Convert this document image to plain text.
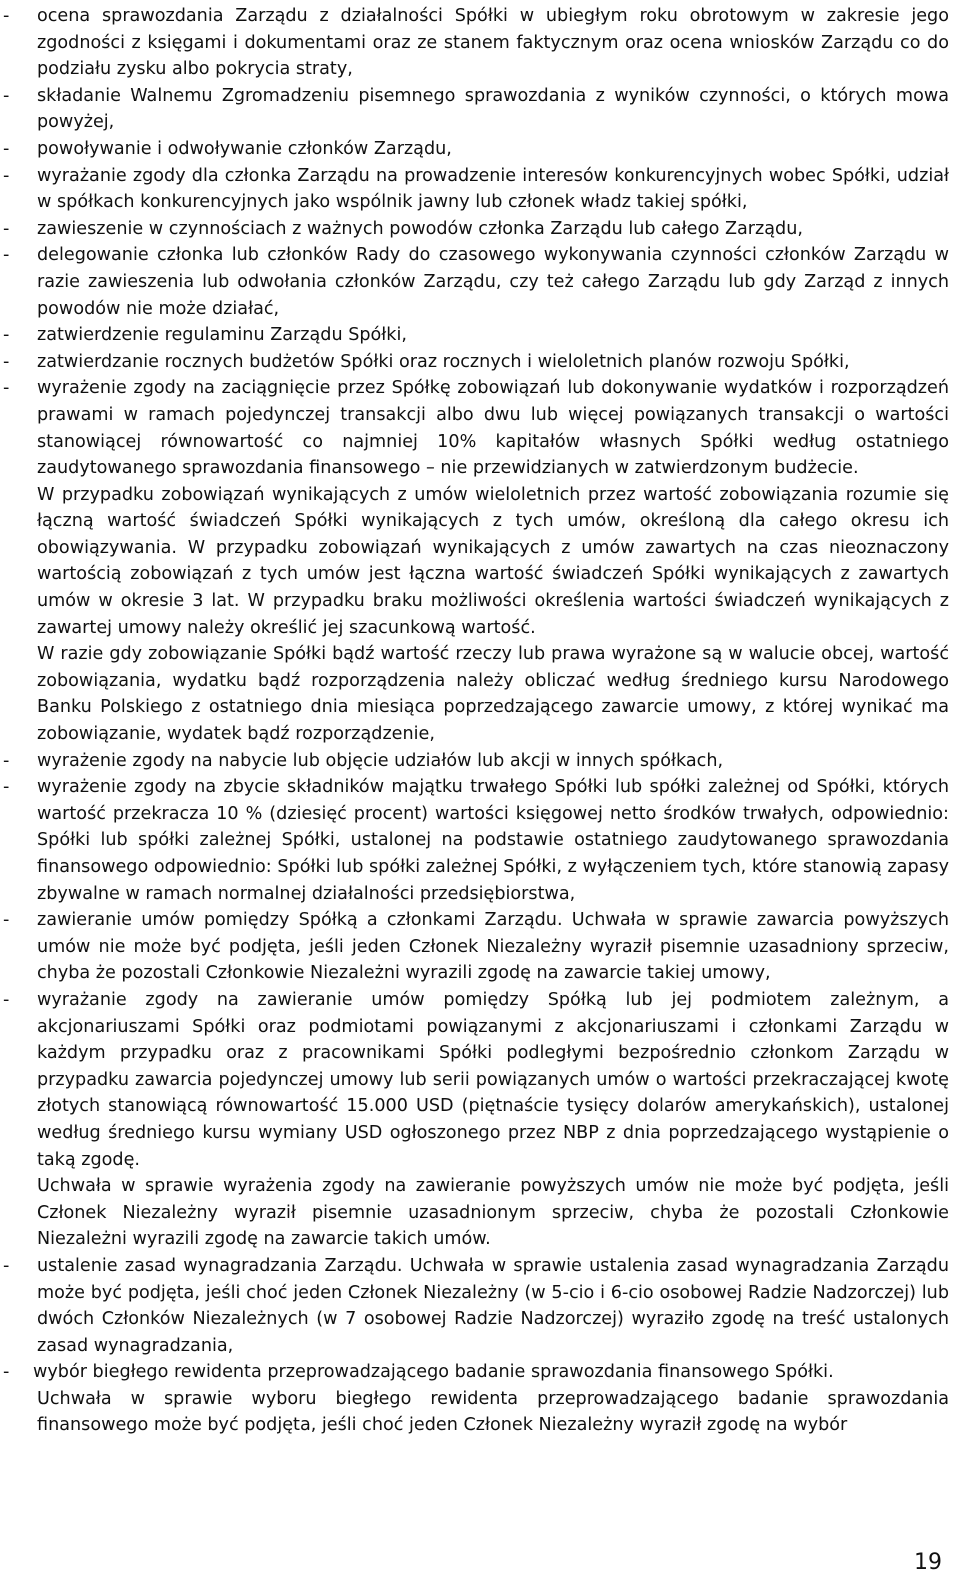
-	ocena sprawozdania Zarządu z działalności Spółki w ubiegłym roku obrotowym w zakresie jego zgodności z księgami i dokumentami oraz ze stanem faktycznym oraz ocena wniosków Zarządu co do podziału zysku albo pokrycia straty,
-	składanie Walnemu Zgromadzeniu pisemnego sprawozdania z wyników czynności, o których mowa powyżej,
-	powoływanie i odwoływanie członków Zarządu,
-	wyrażanie zgody dla członka Zarządu na prowadzenie interesów konkurencyjnych wobec Spółki, udział w spółkach konkurencyjnych jako wspólnik jawny lub członek władz takiej spółki,
-	zawieszenie w czynnościach z ważnych powodów członka Zarządu lub całego Zarządu,
-	delegowanie członka lub członków Rady do czasowego wykonywania czynności członków Zarządu w razie zawieszenia lub odwołania członków Zarządu, czy też całego Zarządu lub gdy Zarząd z innych powodów nie może działać,
-	zatwierdzenie regulaminu Zarządu Spółki,
-	zatwierdzanie rocznych budżetów Spółki oraz rocznych i wieloletnich planów rozwoju Spółki,
-	wyrażenie zgody na zaciągnięcie przez Spółkę zobowiązań lub dokonywanie wydatków i rozporządzeń prawami w ramach pojedynczej transakcji albo dwu lub więcej powiązanych transakcji o wartości stanowiącej równowartość co najmniej 10% kapitałów własnych Spółki według ostatniego zaudytowanego sprawozdania finansowego – nie przewidzianych w zatwierdzonym budżecie.
W przypadku zobowiązań wynikających z umów wieloletnich przez wartość zobowiązania rozumie się łączną wartość świadczeń Spółki wynikających z tych umów, określoną dla całego okresu ich obowiązywania. W przypadku zobowiązań wynikających z umów zawartych na czas nieoznaczony wartością zobowiązań z tych umów jest łączna wartość świadczeń Spółki wynikających z zawartych umów w okresie 3 lat. W przypadku braku możliwości określenia wartości świadczeń wynikających z zawartej umowy należy określić jej szacunkową wartość.
W razie gdy zobowiązanie Spółki bądź wartość rzeczy lub prawa wyrażone są w walucie obcej, wartość zobowiązania, wydatku bądź rozporządzenia należy obliczać według średniego kursu Narodowego Banku Polskiego z ostatniego dnia miesiąca poprzedzającego zawarcie umowy, z której wynikać ma zobowiązanie, wydatek bądź rozporządzenie,
-	wyrażenie zgody na nabycie lub objęcie udziałów lub akcji w innych spółkach,
-	wyrażenie zgody na zbycie składników majątku trwałego Spółki lub spółki zależnej od Spółki, których wartość przekracza 10 % (dziesięć procent) wartości księgowej netto środków trwałych, odpowiednio: Spółki lub spółki zależnej Spółki, ustalonej na podstawie ostatniego zaudytowanego sprawozdania finansowego odpowiednio: Spółki lub spółki zależnej Spółki, z wyłączeniem tych, które stanowią zapasy zbywalne w ramach normalnej działalności przedsiębiorstwa,
-	zawieranie umów pomiędzy Spółką a członkami Zarządu. Uchwała w sprawie zawarcia powyższych umów nie może być podjęta, jeśli jeden Członek Niezależny wyraził pisemnie uzasadniony sprzeciw, chyba że pozostali Członkowie Niezależni wyrazili zgodę na zawarcie takiej umowy,
-	wyrażanie zgody na zawieranie umów pomiędzy Spółką lub jej podmiotem zależnym, a akcjonariuszami Spółki oraz podmiotami powiązanymi z akcjonariuszami i członkami Zarządu w każdym przypadku oraz z pracownikami Spółki podległymi bezpośrednio członkom Zarządu w przypadku zawarcia pojedynczej umowy lub serii powiązanych umów o wartości przekraczającej kwotę złotych stanowiącą równowartość 15.000 USD (piętnaście tysięcy dolarów amerykańskich), ustalonej według średniego kursu wymiany USD ogłoszonego przez NBP z dnia poprzedzającego wystąpienie o taką zgodę.
Uchwała w sprawie wyrażenia zgody na zawieranie powyższych umów nie może być podjęta, jeśli Członek Niezależny wyraził pisemnie uzasadnionym sprzeciw, chyba że pozostali Członkowie Niezależni wyrazili zgodę na zawarcie takich umów.
-	ustalenie zasad wynagradzania Zarządu. Uchwała w sprawie ustalenia zasad wynagradzania Zarządu może być podjęta, jeśli choć jeden Członek Niezależny (w 5-cio i 6-cio osobowej Radzie Nadzorczej) lub dwóch Członków Niezależnych (w 7 osobowej Radzie Nadzorczej) wyraziło zgodę na treść ustalonych zasad wynagradzania,
-	wybór biegłego rewidenta przeprowadzającego badanie sprawozdania finansowego Spółki.
Uchwała w sprawie wyboru biegłego rewidenta przeprowadzającego badanie sprawozdania finansowego może być podjęta, jeśli choć jeden Członek Niezależny wyraził zgodę na wybór
19
